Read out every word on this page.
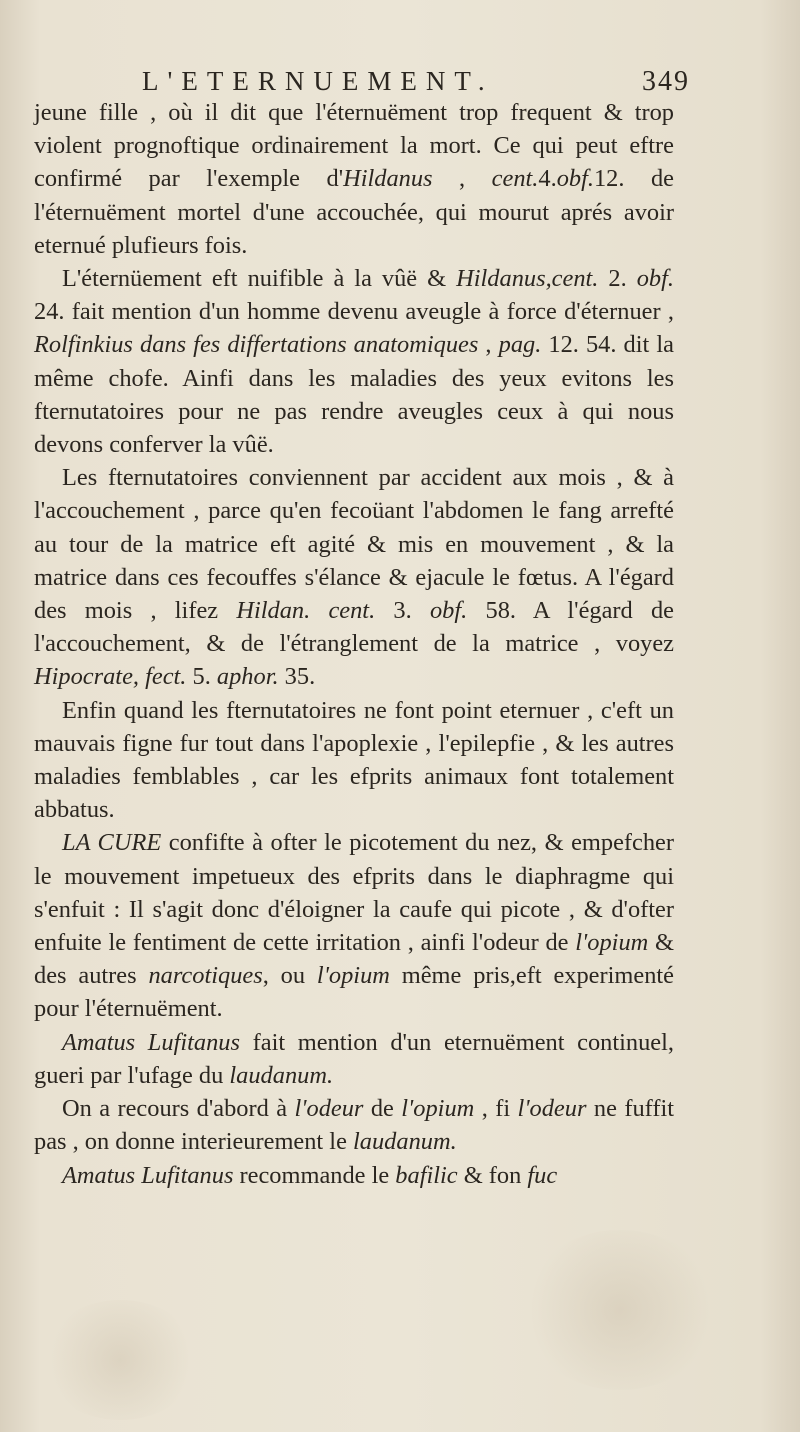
L'ETERNUEMENT.	349

jeune fille , où il dit que l'éternuëment trop frequent & trop violent prognoftique ordinairement la mort. Ce qui peut eftre confirmé par l'exemple d'Hildanus , cent.4.obf.12. de l'éternuëment mortel d'une accouchée, qui mourut aprés avoir eternué plufieurs fois.

L'éternüement eft nuifible à la vûë & Hildanus,cent. 2. obf. 24. fait mention d'un homme devenu aveugle à force d'éternuer , Rolfinkius dans fes differtations anatomiques , pag. 12. 54. dit la même chofe. Ainfi dans les maladies des yeux evitons les fternutatoires pour ne pas rendre aveugles ceux à qui nous devons conferver la vûë.

Les fternutatoires conviennent par accident aux mois , & à l'accouchement , parce qu'en fecoüant l'abdomen le fang arrefté au tour de la matrice eft agité & mis en mouvement , & la matrice dans ces fecouffes s'élance & ejacule le fœtus. A l'égard des mois , lifez Hildan. cent. 3. obf. 58. A l'égard de l'accouchement, & de l'étranglement de la matrice , voyez Hipocrate, fect. 5. aphor. 35.

Enfin quand les fternutatoires ne font point eternuer , c'eft un mauvais figne fur tout dans l'apoplexie , l'epilepfie , & les autres maladies femblables , car les efprits animaux font totalement abbatus.

LA CURE confifte à ofter le picotement du nez, & empefcher le mouvement impetueux des efprits dans le diaphragme qui s'enfuit : Il s'agit donc d'éloigner la caufe qui picote , & d'ofter enfuite le fentiment de cette irritation , ainfi l'odeur de l'opium & des autres narcotiques, ou l'opium même pris,eft experimenté pour l'éternuëment.

Amatus Lufitanus fait mention d'un eternuëment continuel, gueri par l'ufage du laudanum.

On a recours d'abord à l'odeur de l'opium , fi l'odeur ne fuffit pas , on donne interieurement le laudanum.

Amatus Lufitanus recommande le bafilic & fon fuc
